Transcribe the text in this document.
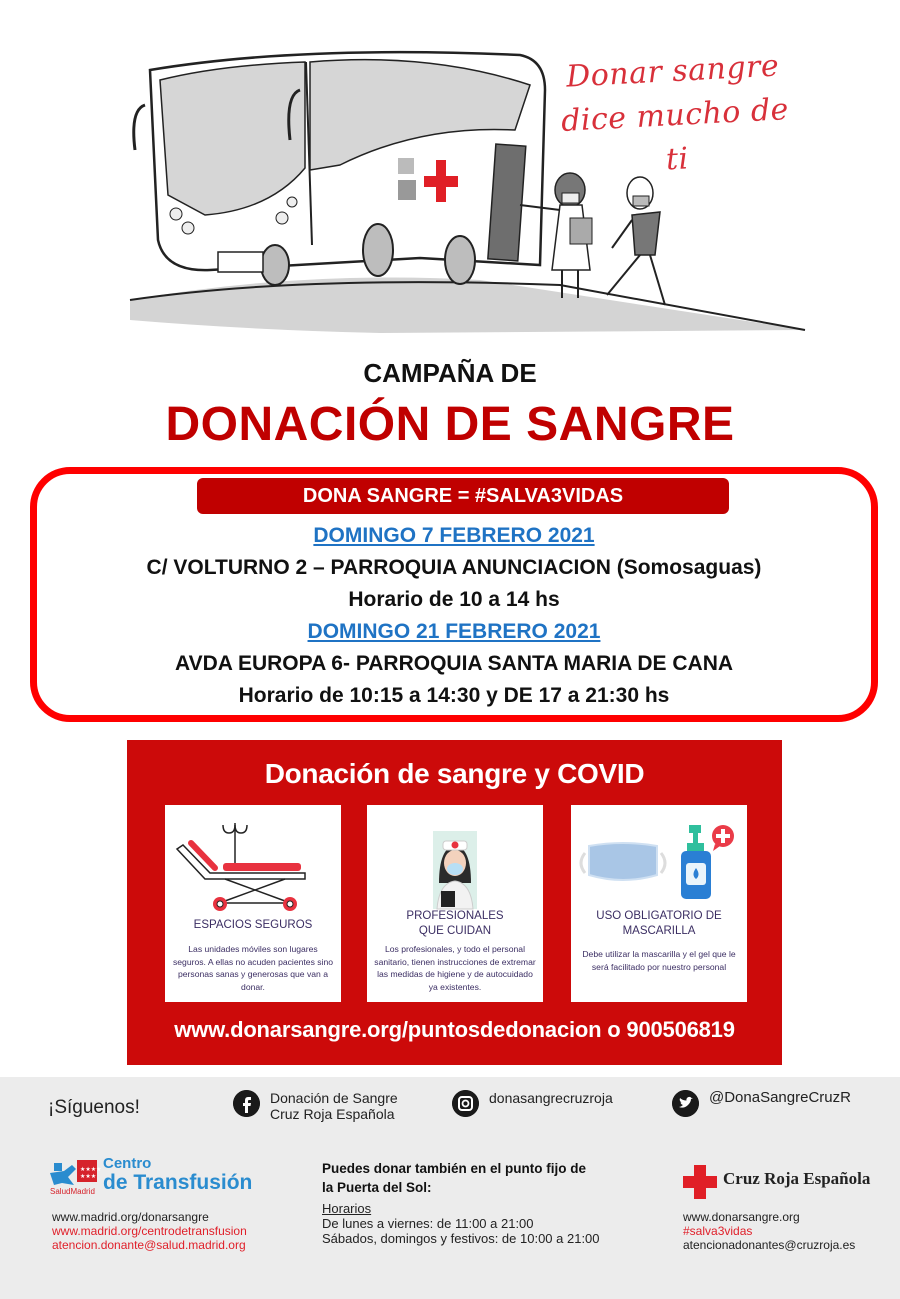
Donar sangre
dice mucho de ti
CAMPAÑA DE
DONACIÓN DE SANGRE
DONA SANGRE = #SALVA3VIDAS
DOMINGO 7 FEBRERO 2021
C/ VOLTURNO 2 – PARROQUIA ANUNCIACION (Somosaguas)
Horario de 10 a 14 hs
DOMINGO 21 FEBRERO 2021
AVDA EUROPA 6- PARROQUIA SANTA MARIA DE CANA
Horario de 10:15 a 14:30 y DE 17 a 21:30 hs
Donación de sangre y COVID
ESPACIOS SEGUROS
Las unidades móviles son lugares seguros. A ellas no acuden pacientes sino personas sanas y generosas que van a donar.
PROFESIONALES
QUE CUIDAN
Los profesionales, y todo el personal sanitario, tienen instrucciones de extremar las medidas de higiene y de autocuidado ya existentes.
USO OBLIGATORIO DE
MASCARILLA
Debe utilizar la mascarilla y el gel que le será facilitado por nuestro personal
www.donarsangre.org/puntosdedonacion o 900506819
¡Síguenos!	Donación de Sangre
Cruz Roja Española
donasangrecruzroja	@DonaSangreCruzR
★★★★
★★★
SaludMadrid
Centro
de Transfusión
www.madrid.org/donarsangre
www.madrid.org/centrodetransfusion
atencion.donante@salud.madrid.org
Puedes donar también en el punto fijo de
la Puerta del Sol:
Horarios
De lunes a viernes: de 11:00 a 21:00
Sábados, domingos y festivos: de 10:00 a 21:00
Cruz Roja Española
www.donarsangre.org
#salva3vidas
atencionadonantes@cruzroja.es
